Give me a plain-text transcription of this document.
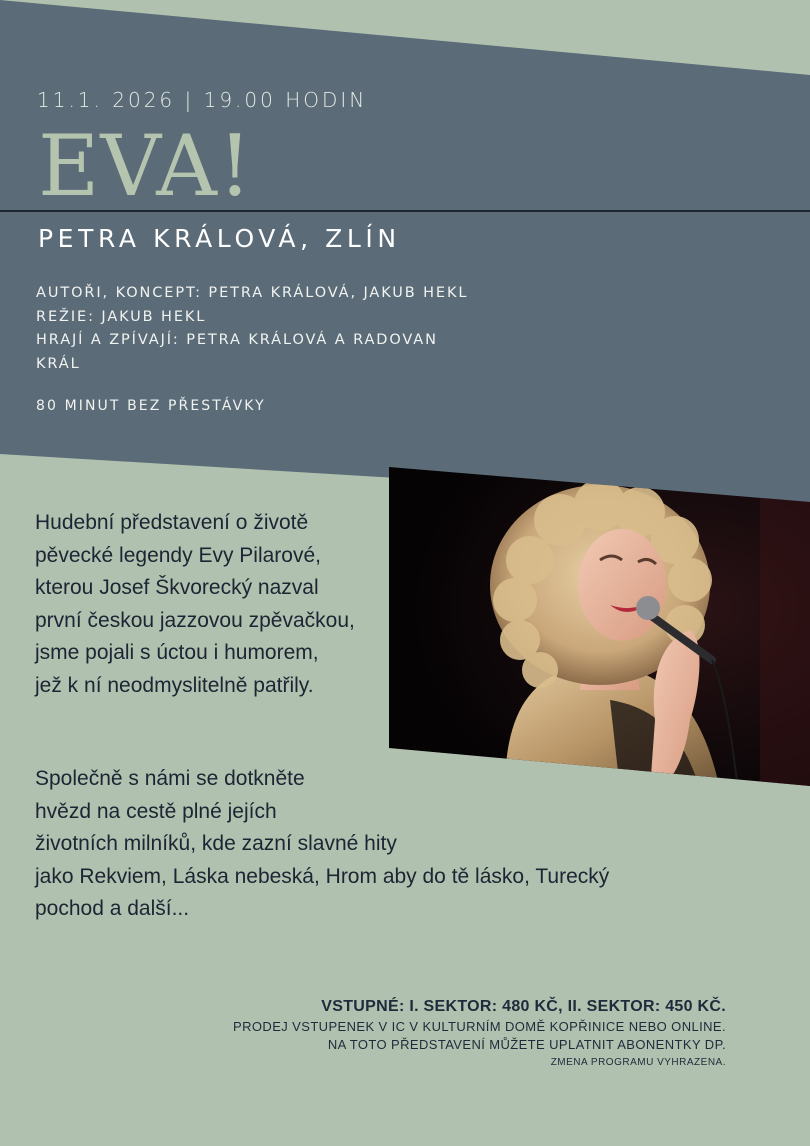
11.1. 2026 | 19.00 HODIN
EVA!
PETRA KRÁLOVÁ, ZLÍN
AUTOŘI, KONCEPT: PETRA KRÁLOVÁ, JAKUB HEKL
REŽIE: JAKUB HEKL
HRAJÍ A ZPÍVAJÍ: PETRA KRÁLOVÁ A RADOVAN
KRÁL
80 MINUT BEZ PŘESTÁVKY
Hudební představení o životě
pěvecké legendy Evy Pilarové,
kterou Josef Škvorecký nazval
první českou jazzovou zpěvačkou,
jsme pojali s úctou i humorem,
jež k ní neodmyslitelně patřily.
Společně s námi se dotkněte
hvězd na cestě plné jejích
životních milníků, kde zazní slavné hity
jako Rekviem, Láska nebeská, Hrom aby do tě lásko, Turecký
pochod a další...
VSTUPNÉ: I. SEKTOR: 480 KČ, II. SEKTOR: 450 KČ.
PRODEJ VSTUPENEK V IC V KULTURNÍM DOMĚ KOPŘINICE NEBO ONLINE.
NA TOTO PŘEDSTAVENÍ MŮŽETE UPLATNIT ABONENTKY DP.
ZMENA PROGRAMU VYHRAZENA.
